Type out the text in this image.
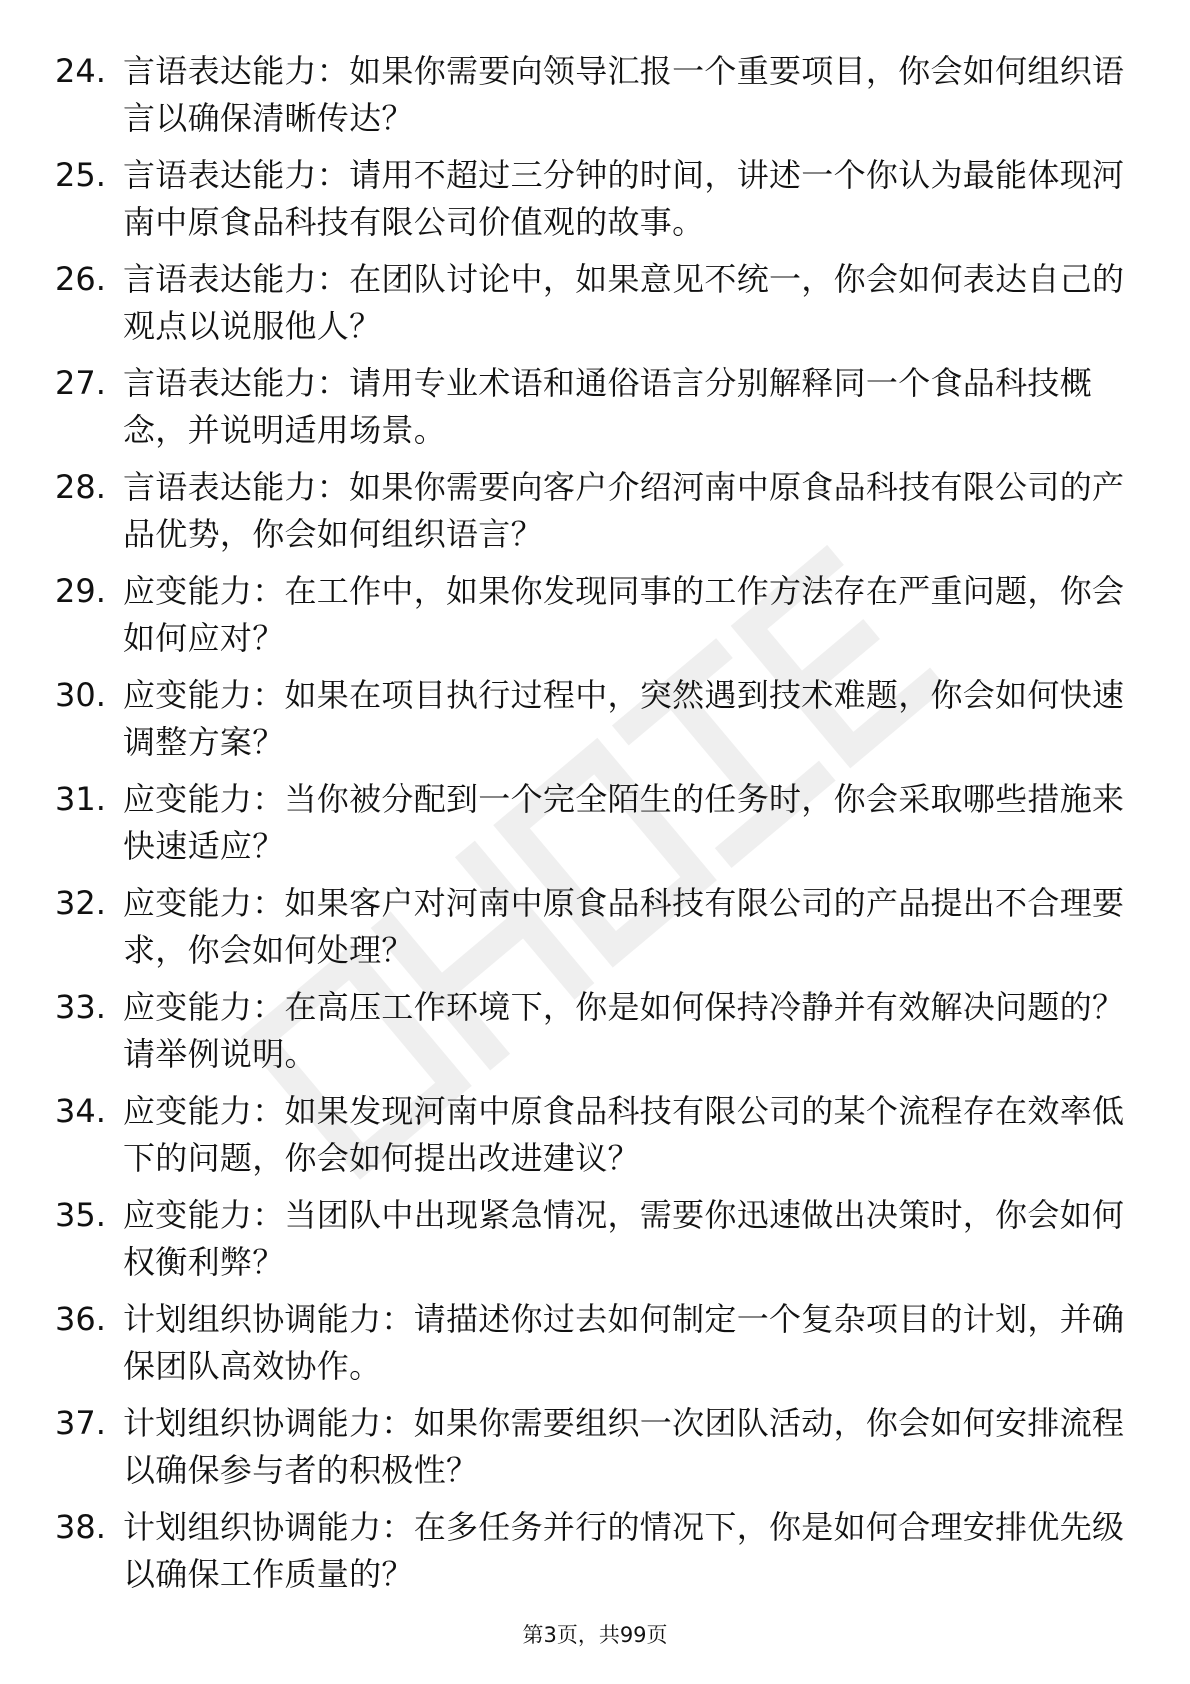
24. 言语表达能力：如果你需要向领导汇报一个重要项目，你会如何组织语言以确保清晰传达？
25. 言语表达能力：请用不超过三分钟的时间，讲述一个你认为最能体现河南中原食品科技有限公司价值观的故事。
26. 言语表达能力：在团队讨论中，如果意见不统一，你会如何表达自己的观点以说服他人？
27. 言语表达能力：请用专业术语和通俗语言分别解释同一个食品科技概念，并说明适用场景。
28. 言语表达能力：如果你需要向客户介绍河南中原食品科技有限公司的产品优势，你会如何组织语言？
29. 应变能力：在工作中，如果你发现同事的工作方法存在严重问题，你会如何应对？
30. 应变能力：如果在项目执行过程中，突然遇到技术难题，你会如何快速调整方案？
31. 应变能力：当你被分配到一个完全陌生的任务时，你会采取哪些措施来快速适应？
32. 应变能力：如果客户对河南中原食品科技有限公司的产品提出不合理要求，你会如何处理？
33. 应变能力：在高压工作环境下，你是如何保持冷静并有效解决问题的？请举例说明。
34. 应变能力：如果发现河南中原食品科技有限公司的某个流程存在效率低下的问题，你会如何提出改进建议？
35. 应变能力：当团队中出现紧急情况，需要你迅速做出决策时，你会如何权衡利弊？
36. 计划组织协调能力：请描述你过去如何制定一个复杂项目的计划，并确保团队高效协作。
37. 计划组织协调能力：如果你需要组织一次团队活动，你会如何安排流程以确保参与者的积极性？
38. 计划组织协调能力：在多任务并行的情况下，你是如何合理安排优先级以确保工作质量的？
第3页，共99页
